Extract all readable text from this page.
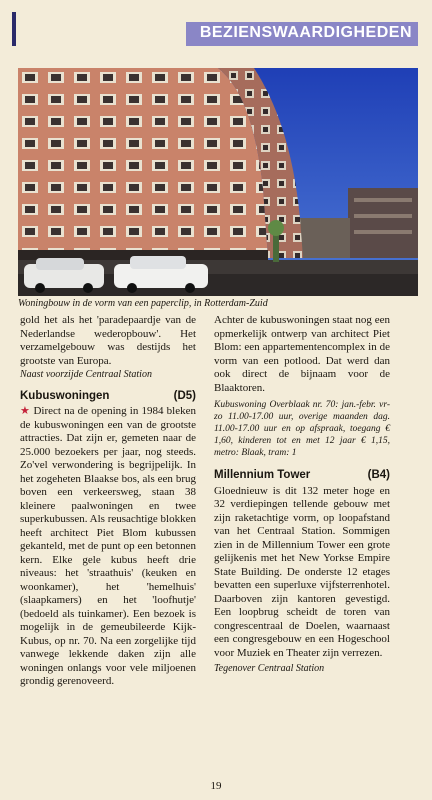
BEZIENSWAARDIGHEDEN
Woningbouw in de vorm van een paperclip, in Rotterdam-Zuid

gold het als het 'paradepaardje van de Nederlandse wederopbouw'. Het verzamelgebouw was destijds het grootste van Europa.

Naast voorzijde Centraal Station

Kubuswoningen	(D5)

★ Direct na de opening in 1984 bleken de kubuswoningen een van de grootste attracties. Dat zijn er, gemeten naar de 25.000 bezoekers per jaar, nog steeds. Zo'vel verwondering is begrijpelijk. In het zogeheten Blaakse bos, als een brug boven een verkeersweg, staan 38 kleinere paalwoningen en twee superkubussen. Als reusachtige blokken heeft architect Piet Blom kubussen gekanteld, met de punt op een betonnen kern. Elke gele kubus heeft drie niveaus: het 'straathuis' (keuken en woonkamer), het 'hemelhuis' (slaapkamers) en het 'loofhutje' (bedoeld als tuinkamer). Een bezoek is mogelijk in de gemeubileerde Kijk-Kubus, op nr. 70. Na een zorgelijke tijd vanwege lekkende daken zijn alle woningen onlangs voor vele miljoenen grondig gerenoveerd.

Achter de kubuswoningen staat nog een opmerkelijk ontwerp van architect Piet Blom: een appartementencomplex in de vorm van een potlood. Dat werd dan ook direct de bijnaam voor de Blaaktoren.

Kubuswoning Overblaak nr. 70: jan.-febr. vr-zo 11.00-17.00 uur, overige maanden dag. 11.00-17.00 uur en op afspraak, toegang € 1,60, kinderen tot en met 12 jaar € 1,15, metro: Blaak, tram: 1

Millennium Tower	(B4)

Gloednieuw is dit 132 meter hoge en 32 verdiepingen tellende gebouw met zijn raketachtige vorm, op loopafstand van het Centraal Station. Sommigen zien in de Millennium Tower een grote gelijkenis met het New Yorkse Empire State Building. De onderste 12 etages bevatten een superluxe vijfsterrenhotel. Daarboven zijn kantoren gevestigd. Een loopbrug scheidt de toren van congrescentraal de Doelen, waarnaast een congresgebouw en een Hogeschool voor Muziek en Theater zijn verrezen.

Tegenover Centraal Station

19
